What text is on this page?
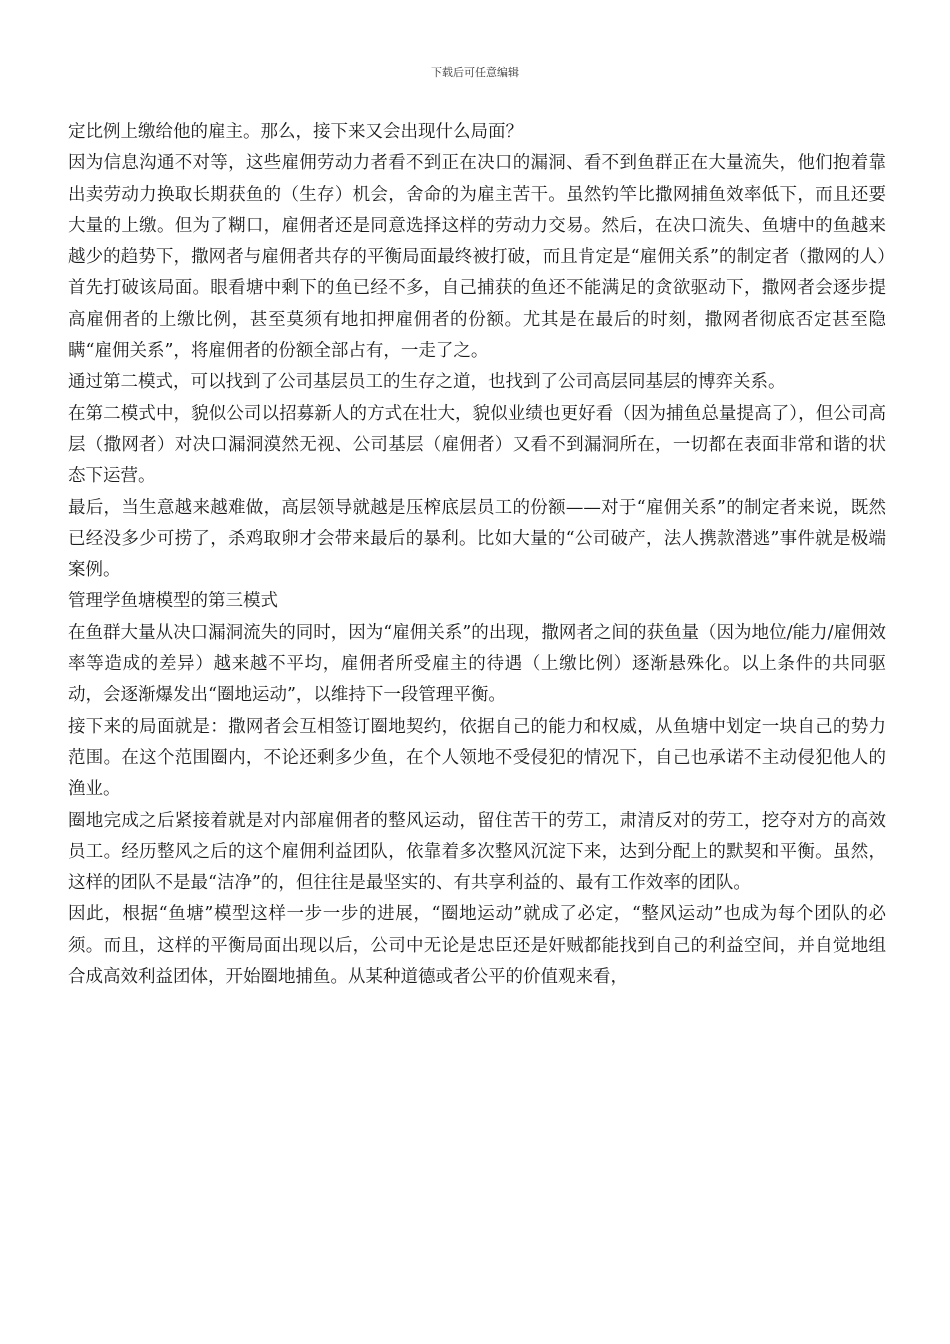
下载后可任意编辑

定比例上缴给他的雇主。那么，接下来又会出现什么局面？

因为信息沟通不对等，这些雇佣劳动力者看不到正在决口的漏洞、看不到鱼群正在大量流失，他们抱着靠出卖劳动力换取长期获鱼的（生存）机会，舍命的为雇主苦干。虽然钓竿比撒网捕鱼效率低下，而且还要大量的上缴。但为了糊口，雇佣者还是同意选择这样的劳动力交易。然后，在决口流失、鱼塘中的鱼越来越少的趋势下，撒网者与雇佣者共存的平衡局面最终被打破，而且肯定是“雇佣关系”的制定者（撒网的人）首先打破该局面。眼看塘中剩下的鱼已经不多，自己捕获的鱼还不能满足的贪欲驱动下，撒网者会逐步提高雇佣者的上缴比例，甚至莫须有地扣押雇佣者的份额。尤其是在最后的时刻，撒网者彻底否定甚至隐瞒“雇佣关系”，将雇佣者的份额全部占有，一走了之。

通过第二模式，可以找到了公司基层员工的生存之道，也找到了公司高层同基层的博弈关系。

在第二模式中，貌似公司以招募新人的方式在壮大，貌似业绩也更好看（因为捕鱼总量提高了），但公司高层（撒网者）对决口漏洞漠然无视、公司基层（雇佣者）又看不到漏洞所在，一切都在表面非常和谐的状态下运营。

最后，当生意越来越难做，高层领导就越是压榨底层员工的份额——对于“雇佣关系”的制定者来说，既然已经没多少可捞了，杀鸡取卵才会带来最后的暴利。比如大量的“公司破产，法人携款潜逃”事件就是极端案例。

管理学鱼塘模型的第三模式

在鱼群大量从决口漏洞流失的同时，因为“雇佣关系”的出现，撒网者之间的获鱼量（因为地位/能力/雇佣效率等造成的差异）越来越不平均，雇佣者所受雇主的待遇（上缴比例）逐渐悬殊化。以上条件的共同驱动，会逐渐爆发出“圈地运动”，以维持下一段管理平衡。

接下来的局面就是：撒网者会互相签订圈地契约，依据自己的能力和权威，从鱼塘中划定一块自己的势力范围。在这个范围圈内，不论还剩多少鱼，在个人领地不受侵犯的情况下，自己也承诺不主动侵犯他人的渔业。

圈地完成之后紧接着就是对内部雇佣者的整风运动，留住苦干的劳工，肃清反对的劳工，挖夺对方的高效员工。经历整风之后的这个雇佣利益团队，依靠着多次整风沉淀下来，达到分配上的默契和平衡。虽然，这样的团队不是最“洁净”的，但往往是最坚实的、有共享利益的、最有工作效率的团队。

因此，根据“鱼塘”模型这样一步一步的进展，“圈地运动”就成了必定，“整风运动”也成为每个团队的必须。而且，这样的平衡局面出现以后，公司中无论是忠臣还是奸贼都能找到自己的利益空间，并自觉地组合成高效利益团体，开始圈地捕鱼。从某种道德或者公平的价值观来看，
